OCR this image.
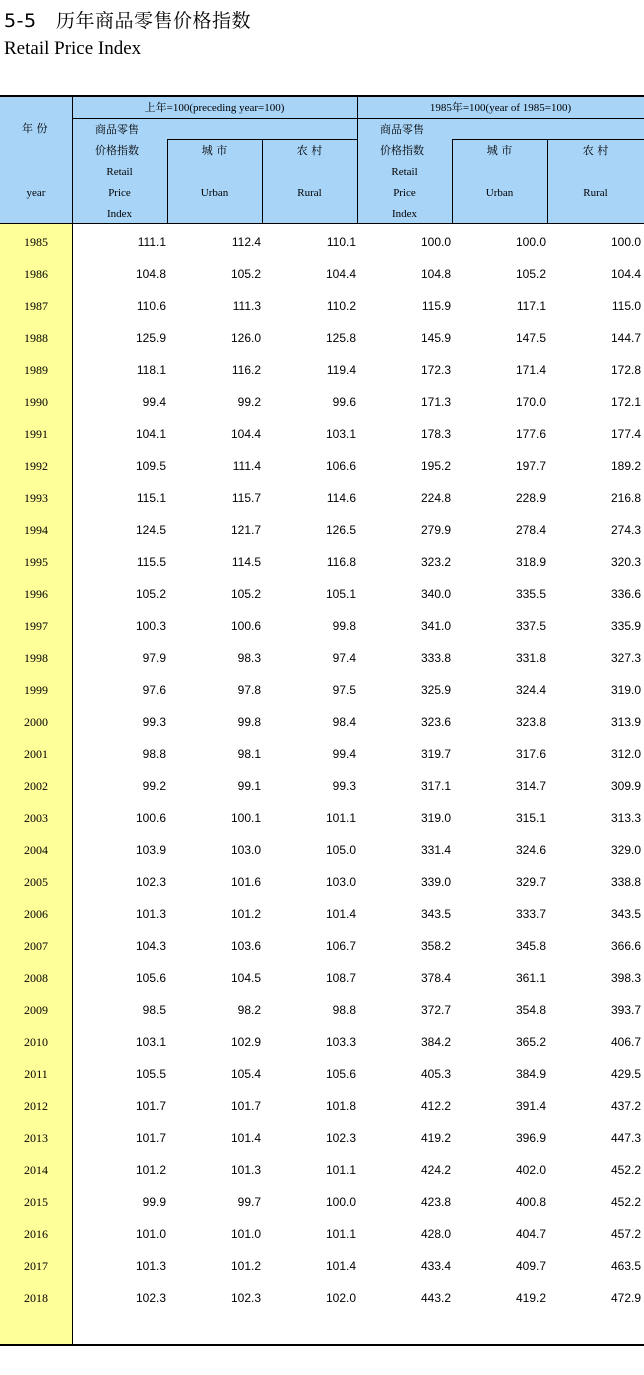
5-5　历年商品零售价格指数
Retail Price Index
年 份
year
上年=100(preceding year=100)	1985年=100(year of 1985=100)
商品零售
价格指数
Retail
Price
Index
城 市
Urban
农 村
Rural
商品零售
价格指数
Retail
Price
Index
城 市
Urban
农 村
Rural
1985	111.1	112.4	110.1	100.0	100.0	100.0
1986	104.8	105.2	104.4	104.8	105.2	104.4
1987	110.6	111.3	110.2	115.9	117.1	115.0
1988	125.9	126.0	125.8	145.9	147.5	144.7
1989	118.1	116.2	119.4	172.3	171.4	172.8
1990	99.4	99.2	99.6	171.3	170.0	172.1
1991	104.1	104.4	103.1	178.3	177.6	177.4
1992	109.5	111.4	106.6	195.2	197.7	189.2
1993	115.1	115.7	114.6	224.8	228.9	216.8
1994	124.5	121.7	126.5	279.9	278.4	274.3
1995	115.5	114.5	116.8	323.2	318.9	320.3
1996	105.2	105.2	105.1	340.0	335.5	336.6
1997	100.3	100.6	99.8	341.0	337.5	335.9
1998	97.9	98.3	97.4	333.8	331.8	327.3
1999	97.6	97.8	97.5	325.9	324.4	319.0
2000	99.3	99.8	98.4	323.6	323.8	313.9
2001	98.8	98.1	99.4	319.7	317.6	312.0
2002	99.2	99.1	99.3	317.1	314.7	309.9
2003	100.6	100.1	101.1	319.0	315.1	313.3
2004	103.9	103.0	105.0	331.4	324.6	329.0
2005	102.3	101.6	103.0	339.0	329.7	338.8
2006	101.3	101.2	101.4	343.5	333.7	343.5
2007	104.3	103.6	106.7	358.2	345.8	366.6
2008	105.6	104.5	108.7	378.4	361.1	398.3
2009	98.5	98.2	98.8	372.7	354.8	393.7
2010	103.1	102.9	103.3	384.2	365.2	406.7
2011	105.5	105.4	105.6	405.3	384.9	429.5
2012	101.7	101.7	101.8	412.2	391.4	437.2
2013	101.7	101.4	102.3	419.2	396.9	447.3
2014	101.2	101.3	101.1	424.2	402.0	452.2
2015	99.9	99.7	100.0	423.8	400.8	452.2
2016	101.0	101.0	101.1	428.0	404.7	457.2
2017	101.3	101.2	101.4	433.4	409.7	463.5
2018	102.3	102.3	102.0	443.2	419.2	472.9
